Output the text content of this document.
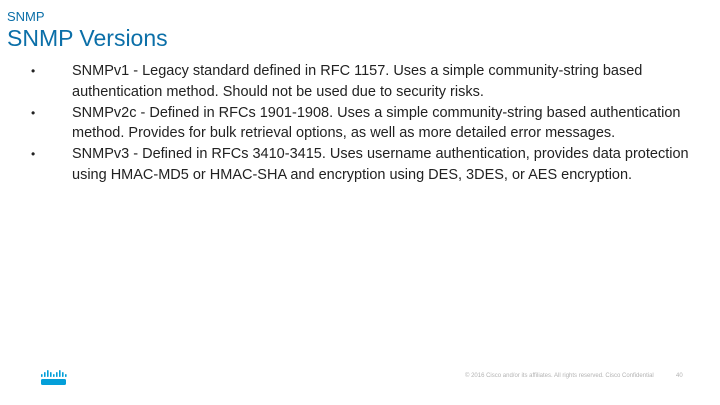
SNMP
SNMP Versions
•	SNMPv1 - Legacy standard defined in RFC 1157. Uses a simple community-string based authentication method. Should not be used due to security risks.
•	SNMPv2c - Defined in RFCs 1901-1908. Uses a simple community-string based authentication method. Provides for bulk retrieval options, as well as more detailed error messages.
•	SNMPv3 - Defined in RFCs 3410-3415. Uses username authentication, provides data protection using HMAC-MD5 or HMAC-SHA and encryption using DES, 3DES, or AES encryption.
© 2016 Cisco and/or its affiliates. All rights reserved. Cisco Confidential	40
